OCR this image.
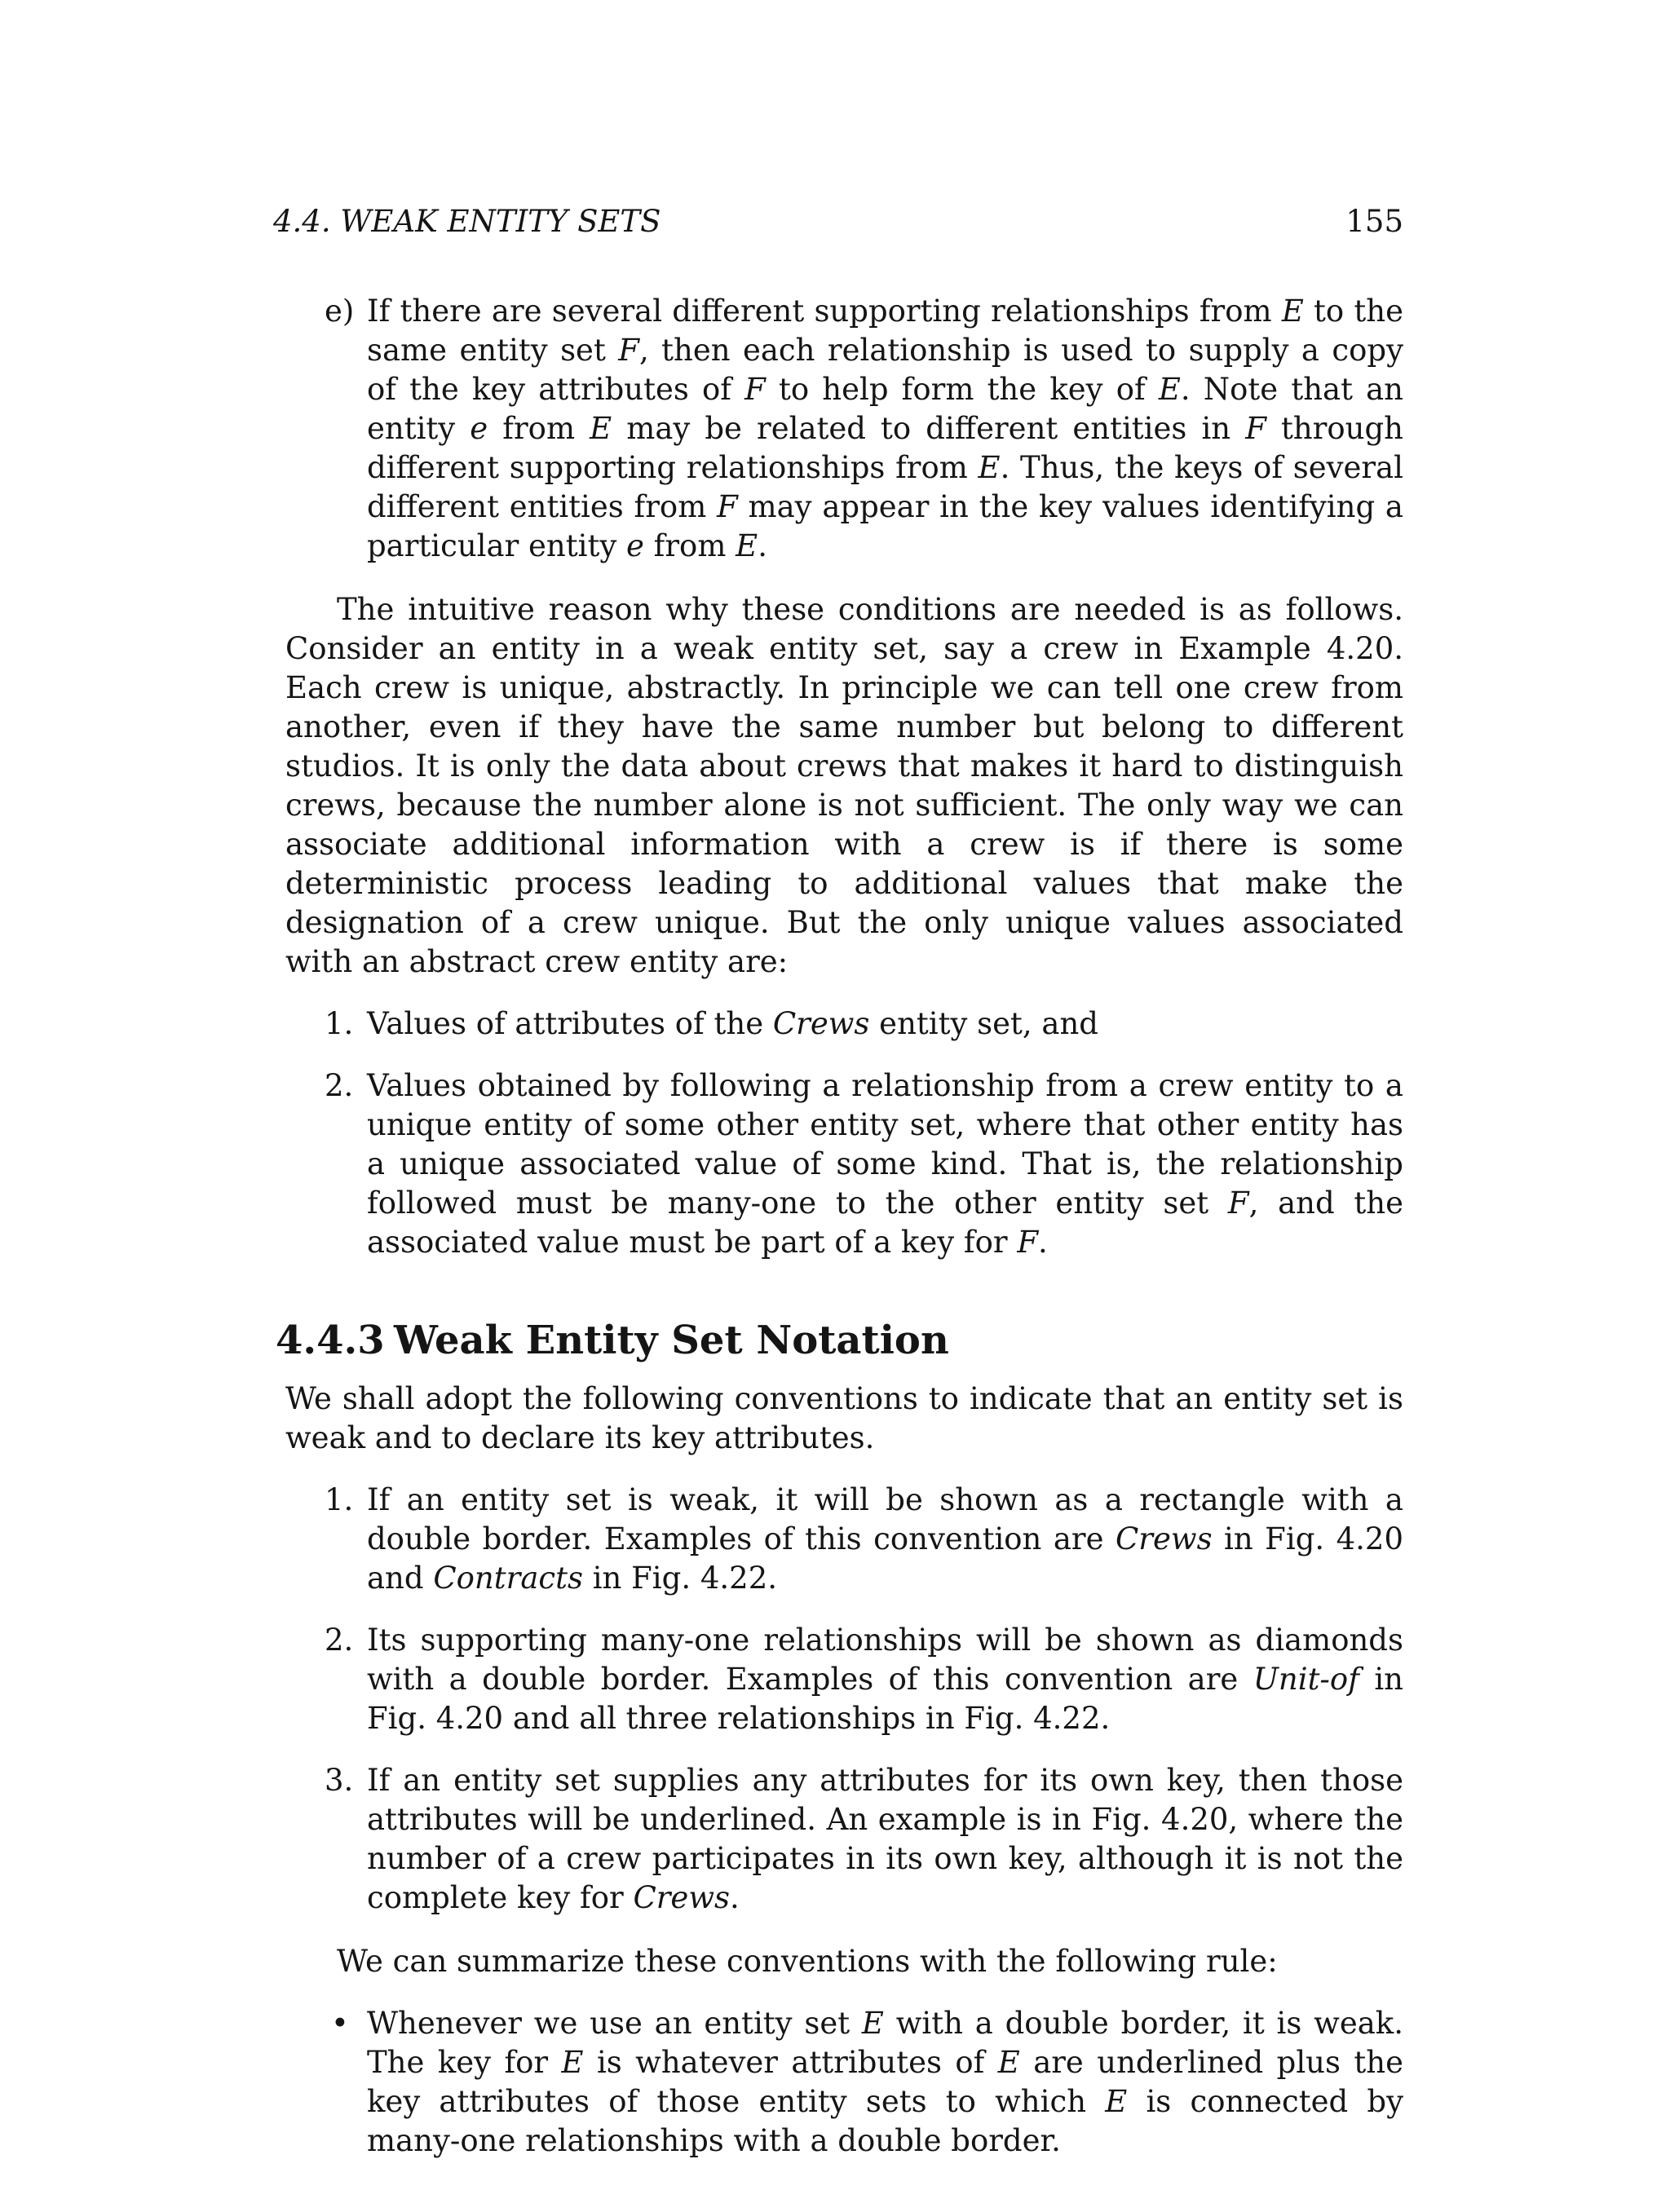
4.4. WEAK ENTITY SETS	155
e) If there are several different supporting relationships from E to the same entity set F, then each relationship is used to supply a copy of the key attributes of F to help form the key of E. Note that an entity e from E may be related to different entities in F through different supporting relationships from E. Thus, the keys of several different entities from F may appear in the key values identifying a particular entity e from E.

The intuitive reason why these conditions are needed is as follows. Consider an entity in a weak entity set, say a crew in Example 4.20. Each crew is unique, abstractly. In principle we can tell one crew from another, even if they have the same number but belong to different studios. It is only the data about crews that makes it hard to distinguish crews, because the number alone is not sufficient. The only way we can associate additional information with a crew is if there is some deterministic process leading to additional values that make the designation of a crew unique. But the only unique values associated with an abstract crew entity are:

1. Values of attributes of the Crews entity set, and
2. Values obtained by following a relationship from a crew entity to a unique entity of some other entity set, where that other entity has a unique associated value of some kind. That is, the relationship followed must be many-one to the other entity set F, and the associated value must be part of a key for F.
4.4.3 Weak Entity Set Notation

We shall adopt the following conventions to indicate that an entity set is weak and to declare its key attributes.

1. If an entity set is weak, it will be shown as a rectangle with a double border. Examples of this convention are Crews in Fig. 4.20 and Contracts in Fig. 4.22.
2. Its supporting many-one relationships will be shown as diamonds with a double border. Examples of this convention are Unit-of in Fig. 4.20 and all three relationships in Fig. 4.22.
3. If an entity set supplies any attributes for its own key, then those attributes will be underlined. An example is in Fig. 4.20, where the number of a crew participates in its own key, although it is not the complete key for Crews.

We can summarize these conventions with the following rule:

• Whenever we use an entity set E with a double border, it is weak. The key for E is whatever attributes of E are underlined plus the key attributes of those entity sets to which E is connected by many-one relationships with a double border.
